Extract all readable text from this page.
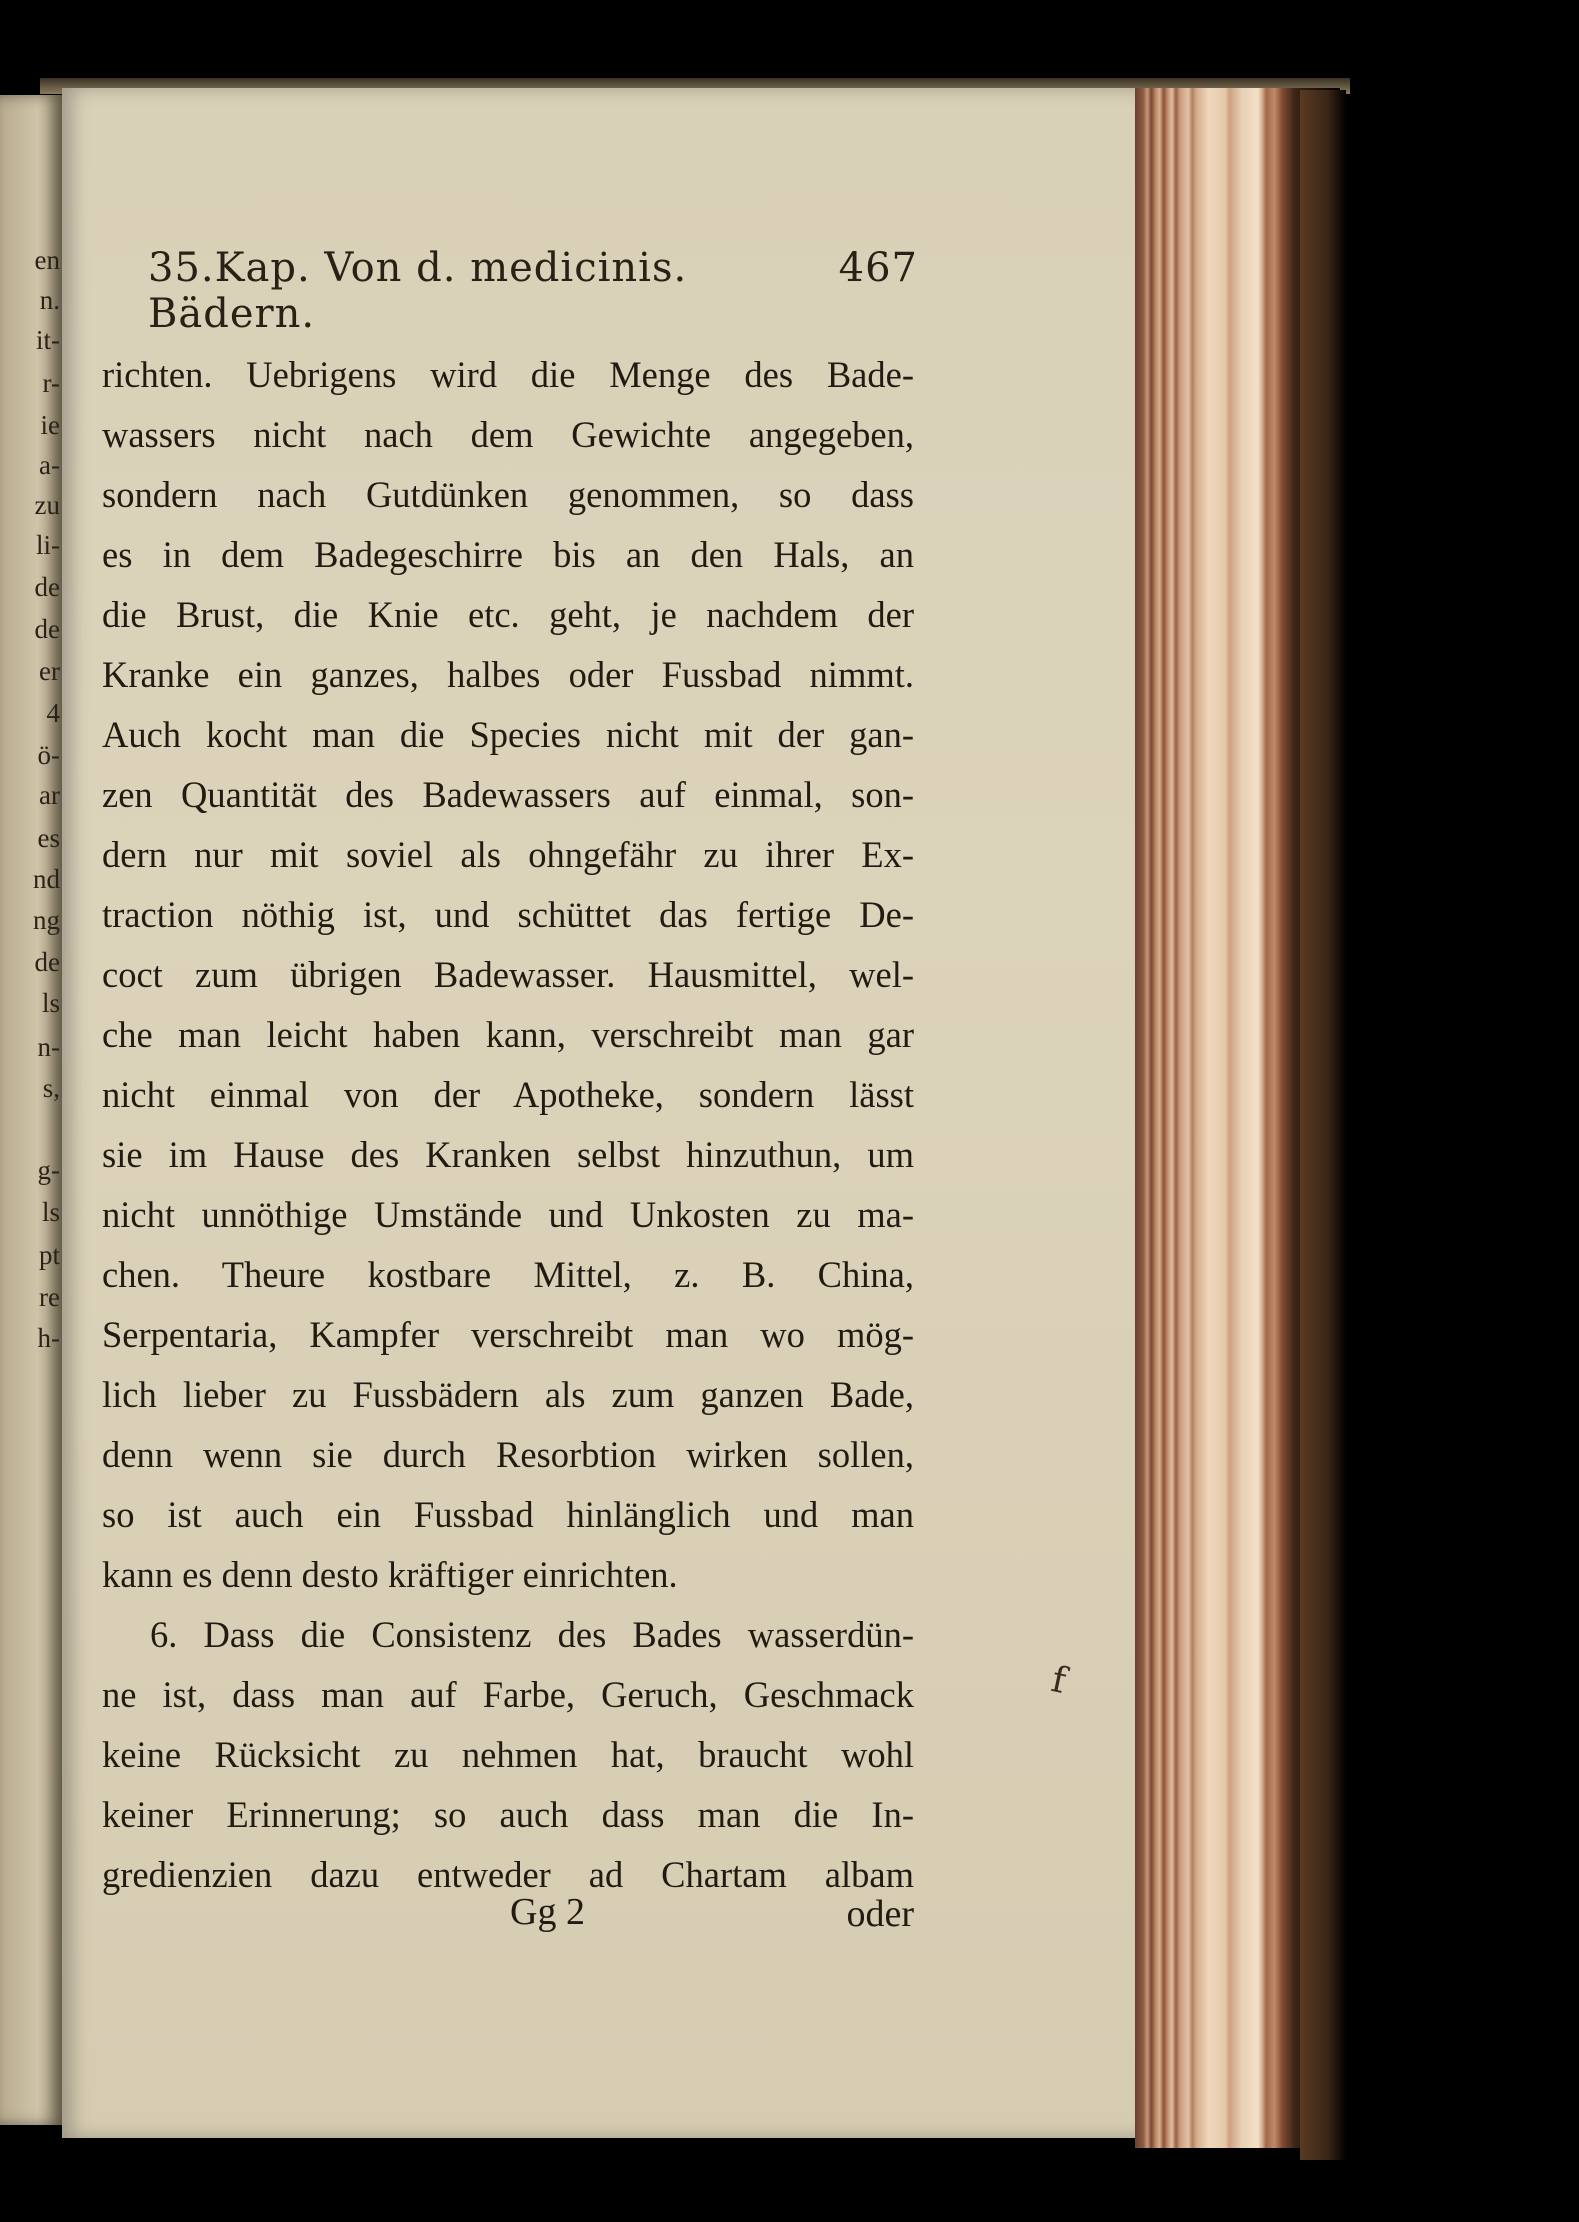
en
n.
it-
r-
ie
a-
zu
li-
de
de
er
4
ö-
ar
es
nd
ng
de
ls
n-
s,
g-
ls
pt
re
h-
35.Kap. Von d. medicinis. Bädern.
467
richten. Uebrigens wird die Menge des Bade-
wassers nicht nach dem Gewichte angegeben,
sondern nach Gutdünken genommen, so dass
es in dem Badegeschirre bis an den Hals, an
die Brust, die Knie etc. geht, je nachdem der
Kranke ein ganzes, halbes oder Fussbad nimmt.
Auch kocht man die Species nicht mit der gan-
zen Quantität des Badewassers auf einmal, son-
dern nur mit soviel als ohngefähr zu ihrer Ex-
traction nöthig ist, und schüttet das fertige De-
coct zum übrigen Badewasser. Hausmittel, wel-
che man leicht haben kann, verschreibt man gar
nicht einmal von der Apotheke, sondern lässt
sie im Hause des Kranken selbst hinzuthun, um
nicht unnöthige Umstände und Unkosten zu ma-
chen. Theure kostbare Mittel, z. B. China,
Serpentaria, Kampfer verschreibt man wo mög-
lich lieber zu Fussbädern als zum ganzen Bade,
denn wenn sie durch Resorbtion wirken sollen,
so ist auch ein Fussbad hinlänglich und man
kann es denn desto kräftiger einrichten.
6. Dass die Consistenz des Bades wasserdün-
ne ist, dass man auf Farbe, Geruch, Geschmack
keine Rücksicht zu nehmen hat, braucht wohl
keiner Erinnerung; so auch dass man die In-
gredienzien dazu entweder ad Chartam albam
f
Gg 2	oder
